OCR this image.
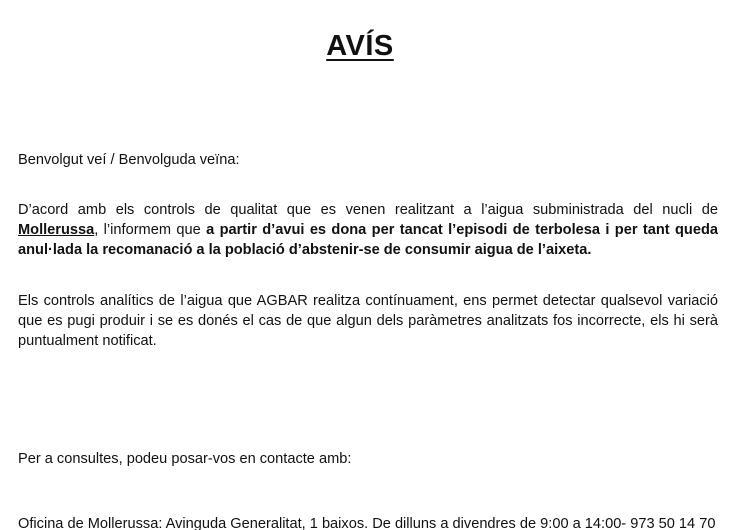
AVÍS

Benvolgut veí / Benvolguda veïna:

D’acord amb els controls de qualitat que es venen realitzant a l’aigua subministrada del nucli de Mollerussa, l’informem que a partir d’avui es dona per tancat l’episodi de terbolesa i per tant queda anul·lada la recomanació a la població d’abstenir-se de consumir aigua de l’aixeta.

Els controls analítics de l’aigua que AGBAR realitza contínuament, ens permet detectar qualsevol variació que es pugi produir i se es donés el cas de que algun dels paràmetres analitzats fos incorrecte, els hi serà puntualment notificat.

Per a consultes, podeu posar-vos en contacte amb:

Oficina de Mollerussa: Avinguda Generalitat, 1 baixos. De dilluns a divendres de 9:00 a 14:00- 973 50 14 70
